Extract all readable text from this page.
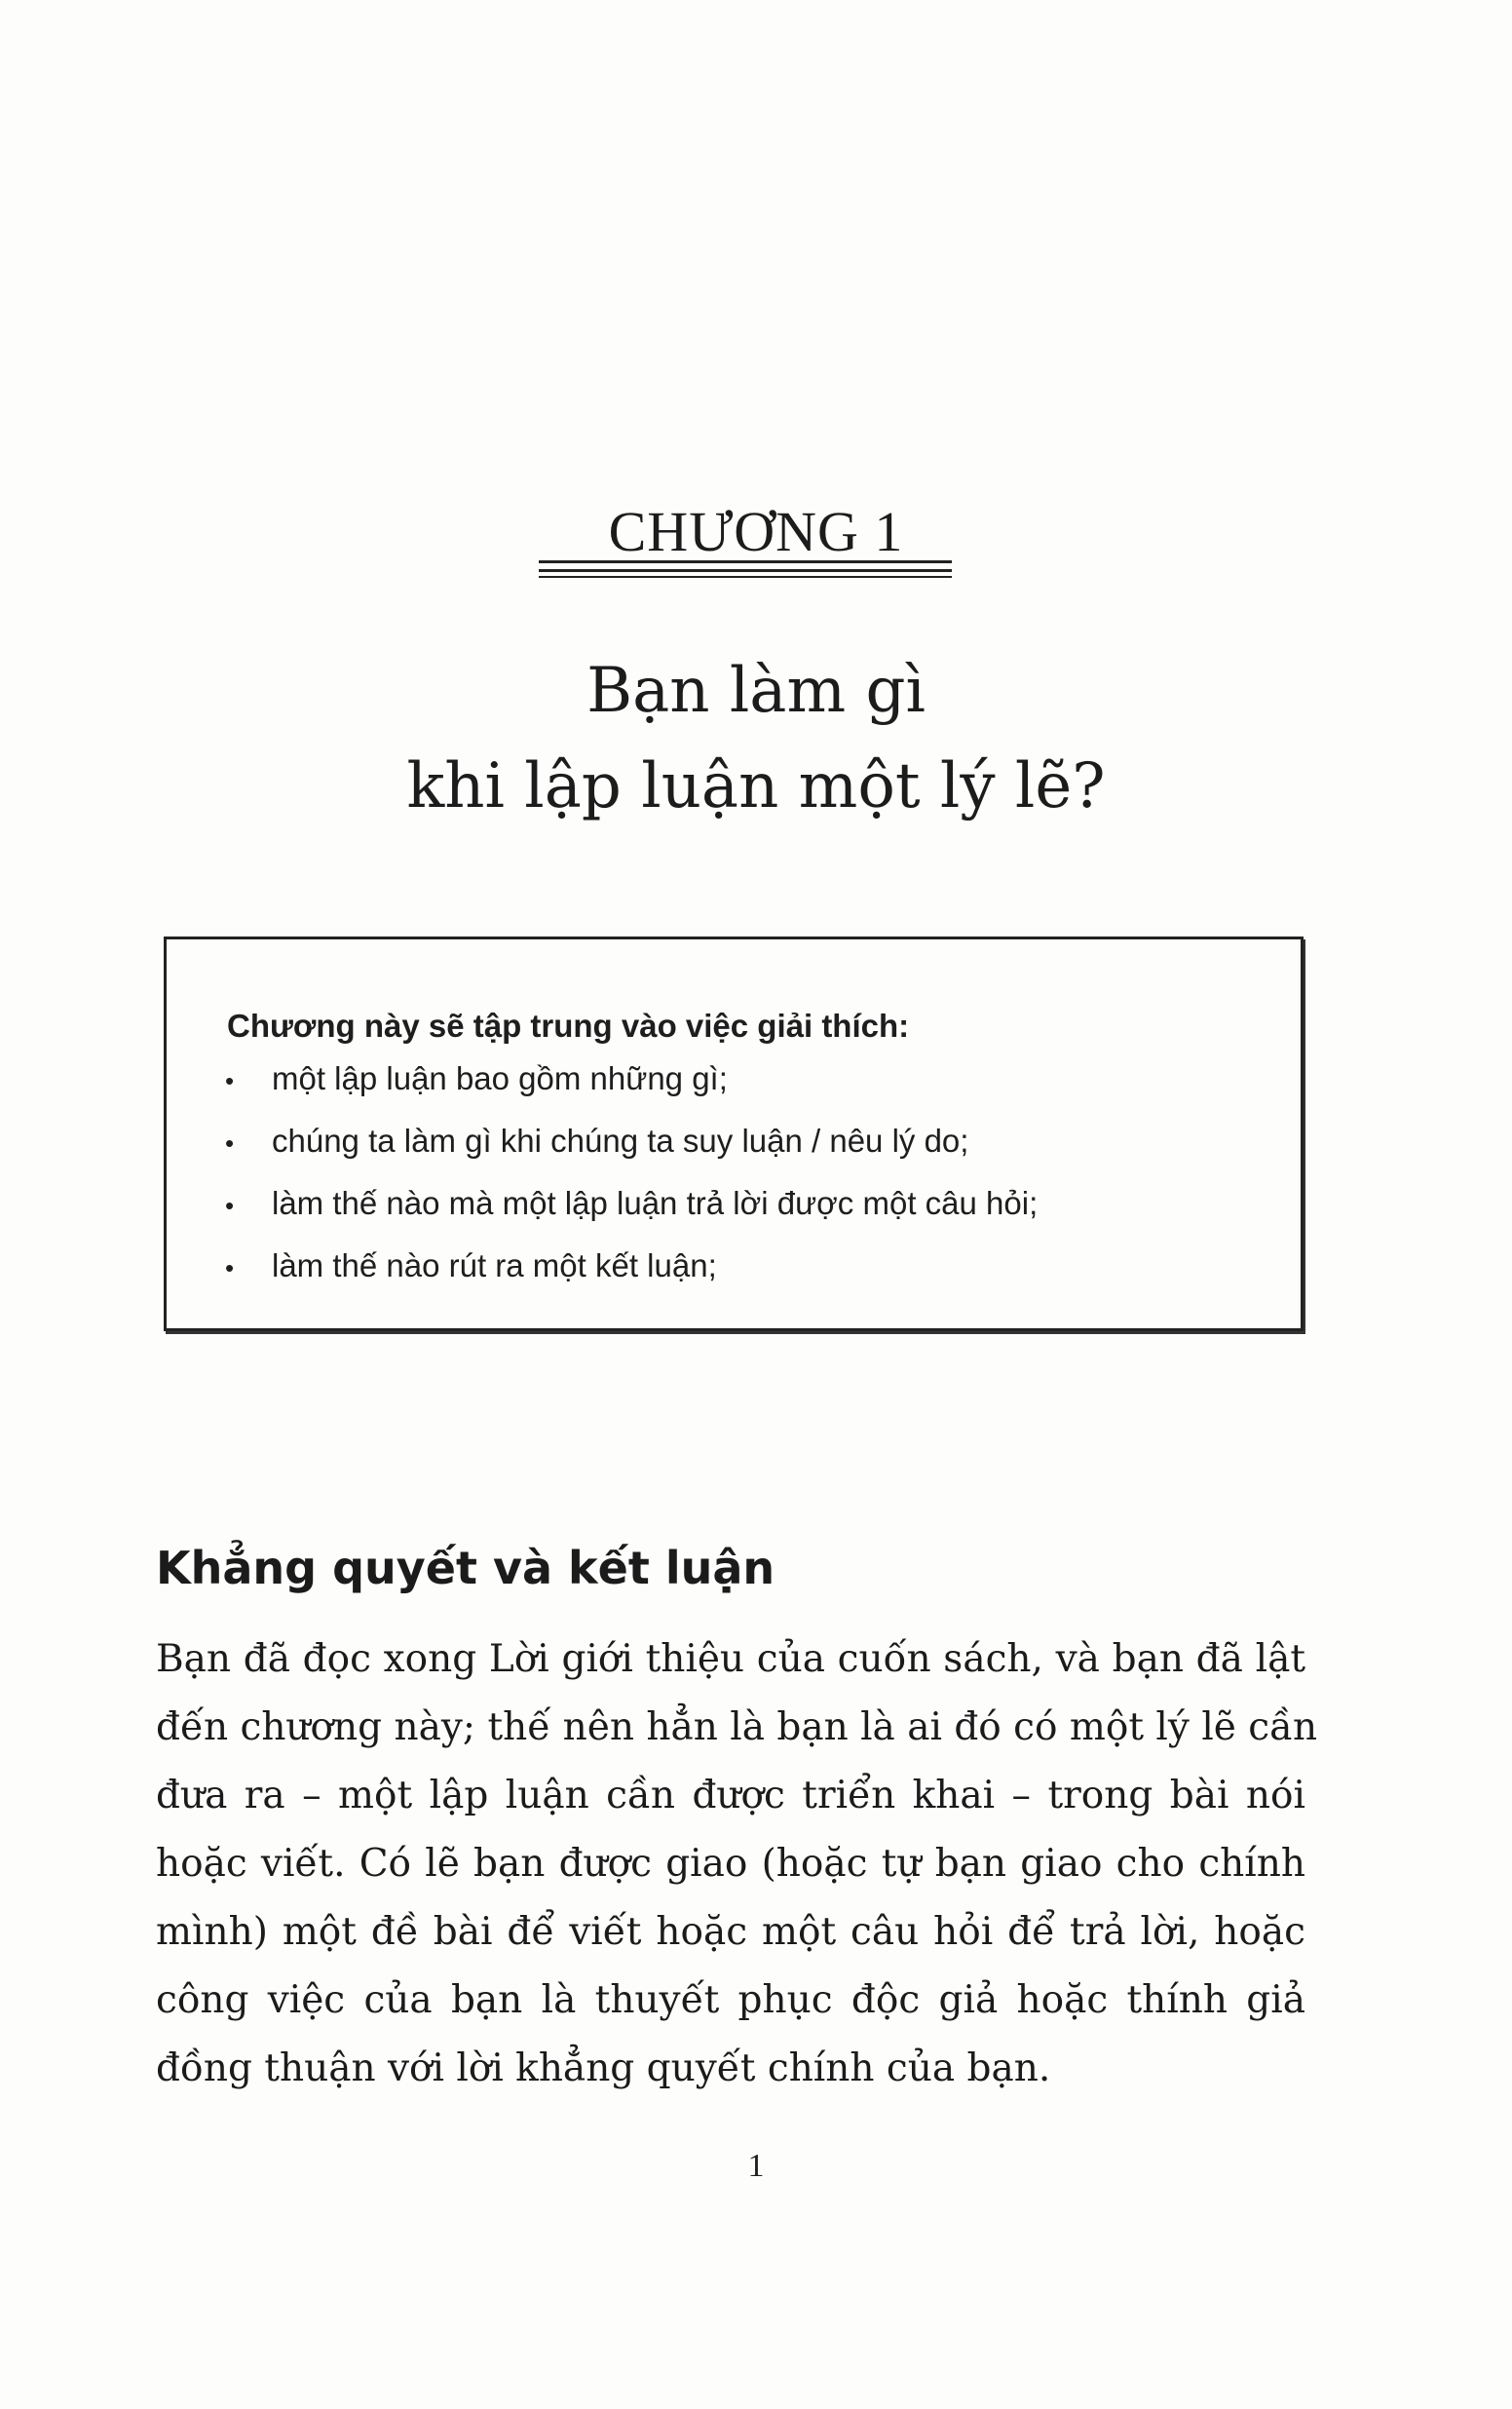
CHƯƠNG 1
Bạn làm gì
khi lập luận một lý lẽ?
Chương này sẽ tập trung vào việc giải thích:
•	một lập luận bao gồm những gì;
•	chúng ta làm gì khi chúng ta suy luận / nêu lý do;
•	làm thế nào mà một lập luận trả lời được một câu hỏi;
•	làm thế nào rút ra một kết luận;
Khẳng quyết và kết luận
Bạn đã đọc xong Lời giới thiệu của cuốn sách, và bạn đã lật
đến chương này; thế nên hẳn là bạn là ai đó có một lý lẽ cần
đưa ra – một lập luận cần được triển khai – trong bài nói
hoặc viết. Có lẽ bạn được giao (hoặc tự bạn giao cho chính
mình) một đề bài để viết hoặc một câu hỏi để trả lời, hoặc
công việc của bạn là thuyết phục độc giả hoặc thính giả
đồng thuận với lời khẳng quyết chính của bạn.
1
